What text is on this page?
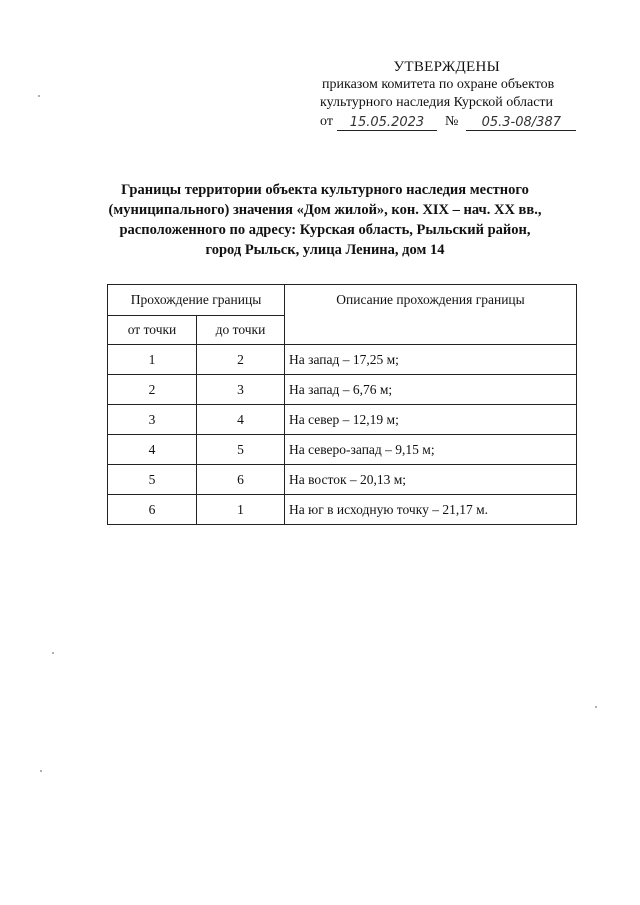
УТВЕРЖДЕНЫ
приказом комитета по охране объектов
культурного наследия Курской области
от	15.05.2023	№	05.3-08/387
Границы территории объекта культурного наследия местного
(муниципального) значения «Дом жилой», кон. XIX – нач. XX вв.,
расположенного по адресу: Курская область, Рыльский район,
город Рыльск, улица Ленина, дом 14
Прохождение границы		Описание прохождения границы
от точки	до точки	
1	2	На запад – 17,25 м;
2	3	На запад – 6,76 м;
3	4	На север – 12,19 м;
4	5	На северо-запад – 9,15 м;
5	6	На восток – 20,13 м;
6	1	На юг в исходную точку – 21,17 м.
